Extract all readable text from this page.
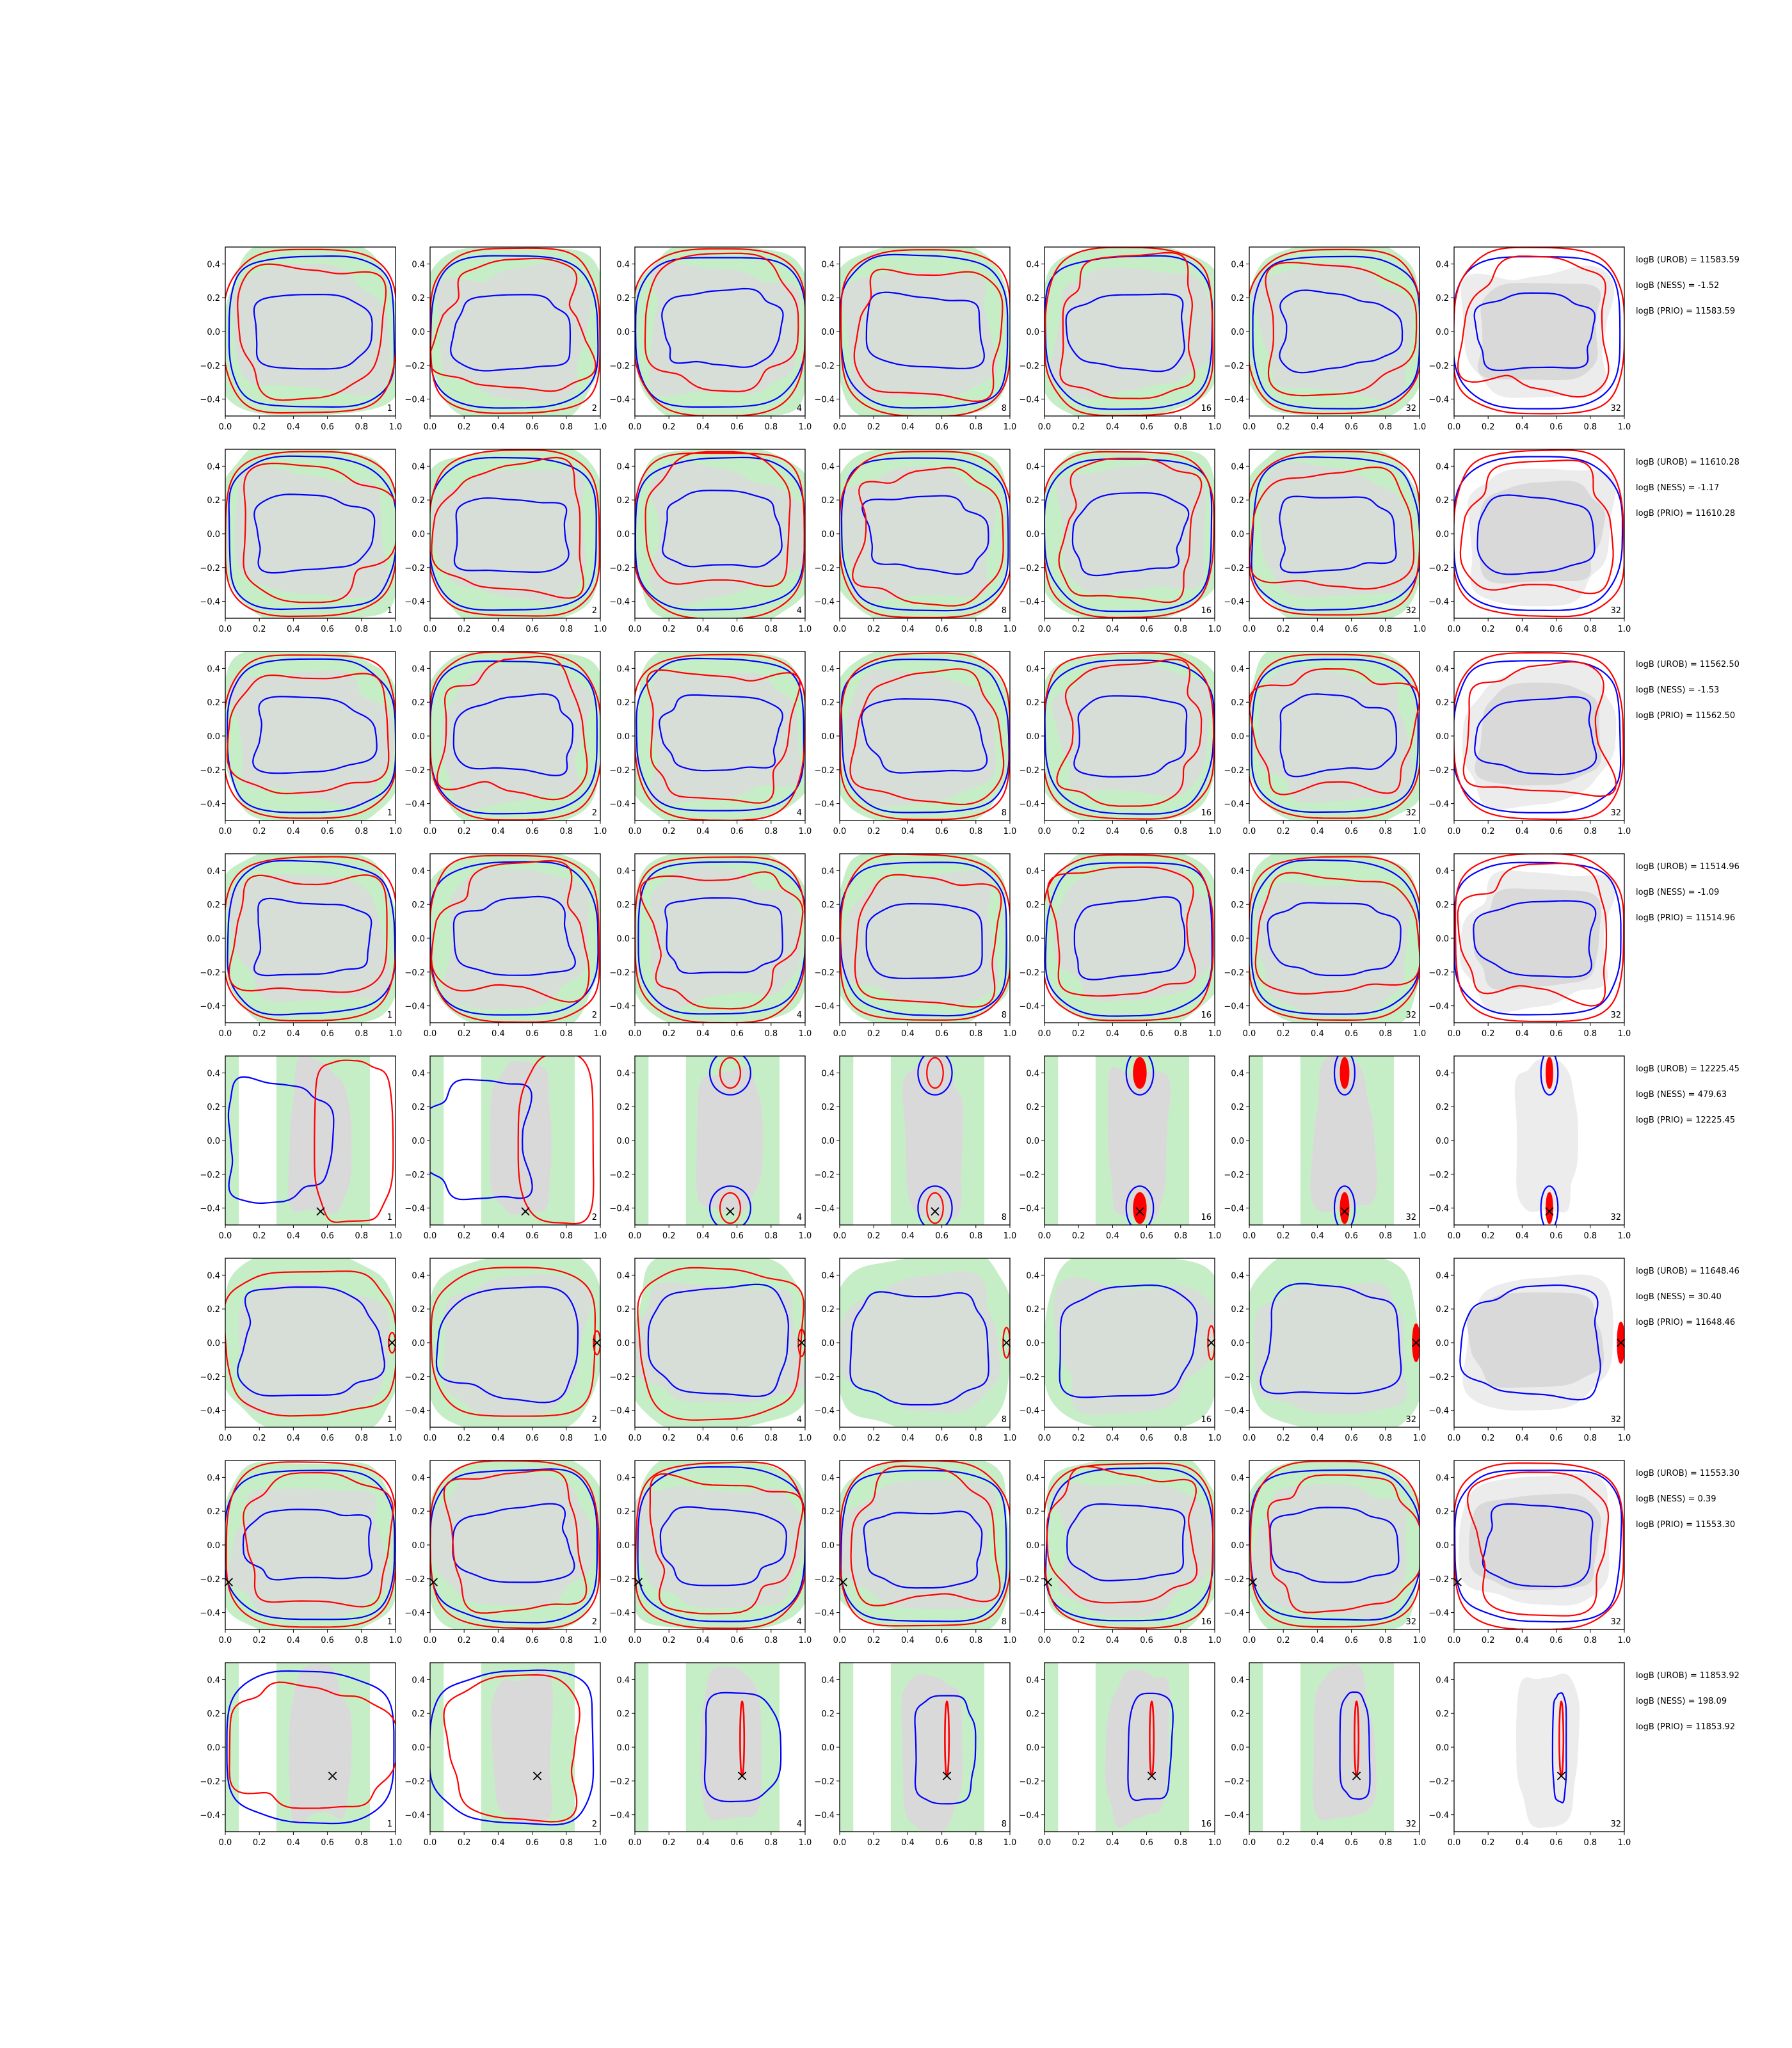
0.0	0.2	0.4	0.6	0.8	1.0
0.4
0.2
0.0
−0.2
−0.4
1
0.0	0.2	0.4	0.6	0.8	1.0
0.4
0.2
0.0
−0.2
−0.4
2
0.0	0.2	0.4	0.6	0.8	1.0
0.4
0.2
0.0
−0.2
−0.4
4
0.0	0.2	0.4	0.6	0.8	1.0
0.4
0.2
0.0
−0.2
−0.4
8
0.0	0.2	0.4	0.6	0.8	1.0
0.4
0.2
0.0
−0.2
−0.4
16
0.0	0.2	0.4	0.6	0.8	1.0
0.4
0.2
0.0
−0.2
−0.4
32
0.0	0.2	0.4	0.6	0.8	1.0
0.4
0.2
0.0
−0.2
−0.4
32
logB (UROB) = 11583.59
logB (NESS) = -1.52
logB (PRIO) = 11583.59
0.0	0.2	0.4	0.6	0.8	1.0
0.4
0.2
0.0
−0.2
−0.4
1
0.0	0.2	0.4	0.6	0.8	1.0
0.4
0.2
0.0
−0.2
−0.4
2
0.0	0.2	0.4	0.6	0.8	1.0
0.4
0.2
0.0
−0.2
−0.4
4
0.0	0.2	0.4	0.6	0.8	1.0
0.4
0.2
0.0
−0.2
−0.4
8
0.0	0.2	0.4	0.6	0.8	1.0
0.4
0.2
0.0
−0.2
−0.4
16
0.0	0.2	0.4	0.6	0.8	1.0
0.4
0.2
0.0
−0.2
−0.4
32
0.0	0.2	0.4	0.6	0.8	1.0
0.4
0.2
0.0
−0.2
−0.4
32
logB (UROB) = 11610.28
logB (NESS) = -1.17
logB (PRIO) = 11610.28
0.0	0.2	0.4	0.6	0.8	1.0
0.4
0.2
0.0
−0.2
−0.4
1
0.0	0.2	0.4	0.6	0.8	1.0
0.4
0.2
0.0
−0.2
−0.4
2
0.0	0.2	0.4	0.6	0.8	1.0
0.4
0.2
0.0
−0.2
−0.4
4
0.0	0.2	0.4	0.6	0.8	1.0
0.4
0.2
0.0
−0.2
−0.4
8
0.0	0.2	0.4	0.6	0.8	1.0
0.4
0.2
0.0
−0.2
−0.4
16
0.0	0.2	0.4	0.6	0.8	1.0
0.4
0.2
0.0
−0.2
−0.4
32
0.0	0.2	0.4	0.6	0.8	1.0
0.4
0.2
0.0
−0.2
−0.4
32
logB (UROB) = 11562.50
logB (NESS) = -1.53
logB (PRIO) = 11562.50
0.0	0.2	0.4	0.6	0.8	1.0
0.4
0.2
0.0
−0.2
−0.4
1
0.0	0.2	0.4	0.6	0.8	1.0
0.4
0.2
0.0
−0.2
−0.4
2
0.0	0.2	0.4	0.6	0.8	1.0
0.4
0.2
0.0
−0.2
−0.4
4
0.0	0.2	0.4	0.6	0.8	1.0
0.4
0.2
0.0
−0.2
−0.4
8
0.0	0.2	0.4	0.6	0.8	1.0
0.4
0.2
0.0
−0.2
−0.4
16
0.0	0.2	0.4	0.6	0.8	1.0
0.4
0.2
0.0
−0.2
−0.4
32
0.0	0.2	0.4	0.6	0.8	1.0
0.4
0.2
0.0
−0.2
−0.4
32
logB (UROB) = 11514.96
logB (NESS) = -1.09
logB (PRIO) = 11514.96
0.0	0.2	0.4	0.6	0.8	1.0
0.4
0.2
0.0
−0.2
−0.4
1
0.0	0.2	0.4	0.6	0.8	1.0
0.4
0.2
0.0
−0.2
−0.4
2
0.0	0.2	0.4	0.6	0.8	1.0
0.4
0.2
0.0
−0.2
−0.4
4
0.0	0.2	0.4	0.6	0.8	1.0
0.4
0.2
0.0
−0.2
−0.4
8
0.0	0.2	0.4	0.6	0.8	1.0
0.4
0.2
0.0
−0.2
−0.4
16
0.0	0.2	0.4	0.6	0.8	1.0
0.4
0.2
0.0
−0.2
−0.4
32
0.0	0.2	0.4	0.6	0.8	1.0
0.4
0.2
0.0
−0.2
−0.4
32
logB (UROB) = 12225.45
logB (NESS) = 479.63
logB (PRIO) = 12225.45
0.0	0.2	0.4	0.6	0.8	1.0
0.4
0.2
0.0
−0.2
−0.4
1
0.0	0.2	0.4	0.6	0.8	1.0
0.4
0.2
0.0
−0.2
−0.4
2
0.0	0.2	0.4	0.6	0.8	1.0
0.4
0.2
0.0
−0.2
−0.4
4
0.0	0.2	0.4	0.6	0.8	1.0
0.4
0.2
0.0
−0.2
−0.4
8
0.0	0.2	0.4	0.6	0.8	1.0
0.4
0.2
0.0
−0.2
−0.4
16
0.0	0.2	0.4	0.6	0.8	1.0
0.4
0.2
0.0
−0.2
−0.4
32
0.0	0.2	0.4	0.6	0.8	1.0
0.4
0.2
0.0
−0.2
−0.4
32
logB (UROB) = 11648.46
logB (NESS) = 30.40
logB (PRIO) = 11648.46
0.0	0.2	0.4	0.6	0.8	1.0
0.4
0.2
0.0
−0.2
−0.4
1
0.0	0.2	0.4	0.6	0.8	1.0
0.4
0.2
0.0
−0.2
−0.4
2
0.0	0.2	0.4	0.6	0.8	1.0
0.4
0.2
0.0
−0.2
−0.4
4
0.0	0.2	0.4	0.6	0.8	1.0
0.4
0.2
0.0
−0.2
−0.4
8
0.0	0.2	0.4	0.6	0.8	1.0
0.4
0.2
0.0
−0.2
−0.4
16
0.0	0.2	0.4	0.6	0.8	1.0
0.4
0.2
0.0
−0.2
−0.4
32
0.0	0.2	0.4	0.6	0.8	1.0
0.4
0.2
0.0
−0.2
−0.4
32
logB (UROB) = 11553.30
logB (NESS) = 0.39
logB (PRIO) = 11553.30
0.0	0.2	0.4	0.6	0.8	1.0
0.4
0.2
0.0
−0.2
−0.4
1
0.0	0.2	0.4	0.6	0.8	1.0
0.4
0.2
0.0
−0.2
−0.4
2
0.0	0.2	0.4	0.6	0.8	1.0
0.4
0.2
0.0
−0.2
−0.4
4
0.0	0.2	0.4	0.6	0.8	1.0
0.4
0.2
0.0
−0.2
−0.4
8
0.0	0.2	0.4	0.6	0.8	1.0
0.4
0.2
0.0
−0.2
−0.4
16
0.0	0.2	0.4	0.6	0.8	1.0
0.4
0.2
0.0
−0.2
−0.4
32
0.0	0.2	0.4	0.6	0.8	1.0
0.4
0.2
0.0
−0.2
−0.4
32
logB (UROB) = 11853.92
logB (NESS) = 198.09
logB (PRIO) = 11853.92
